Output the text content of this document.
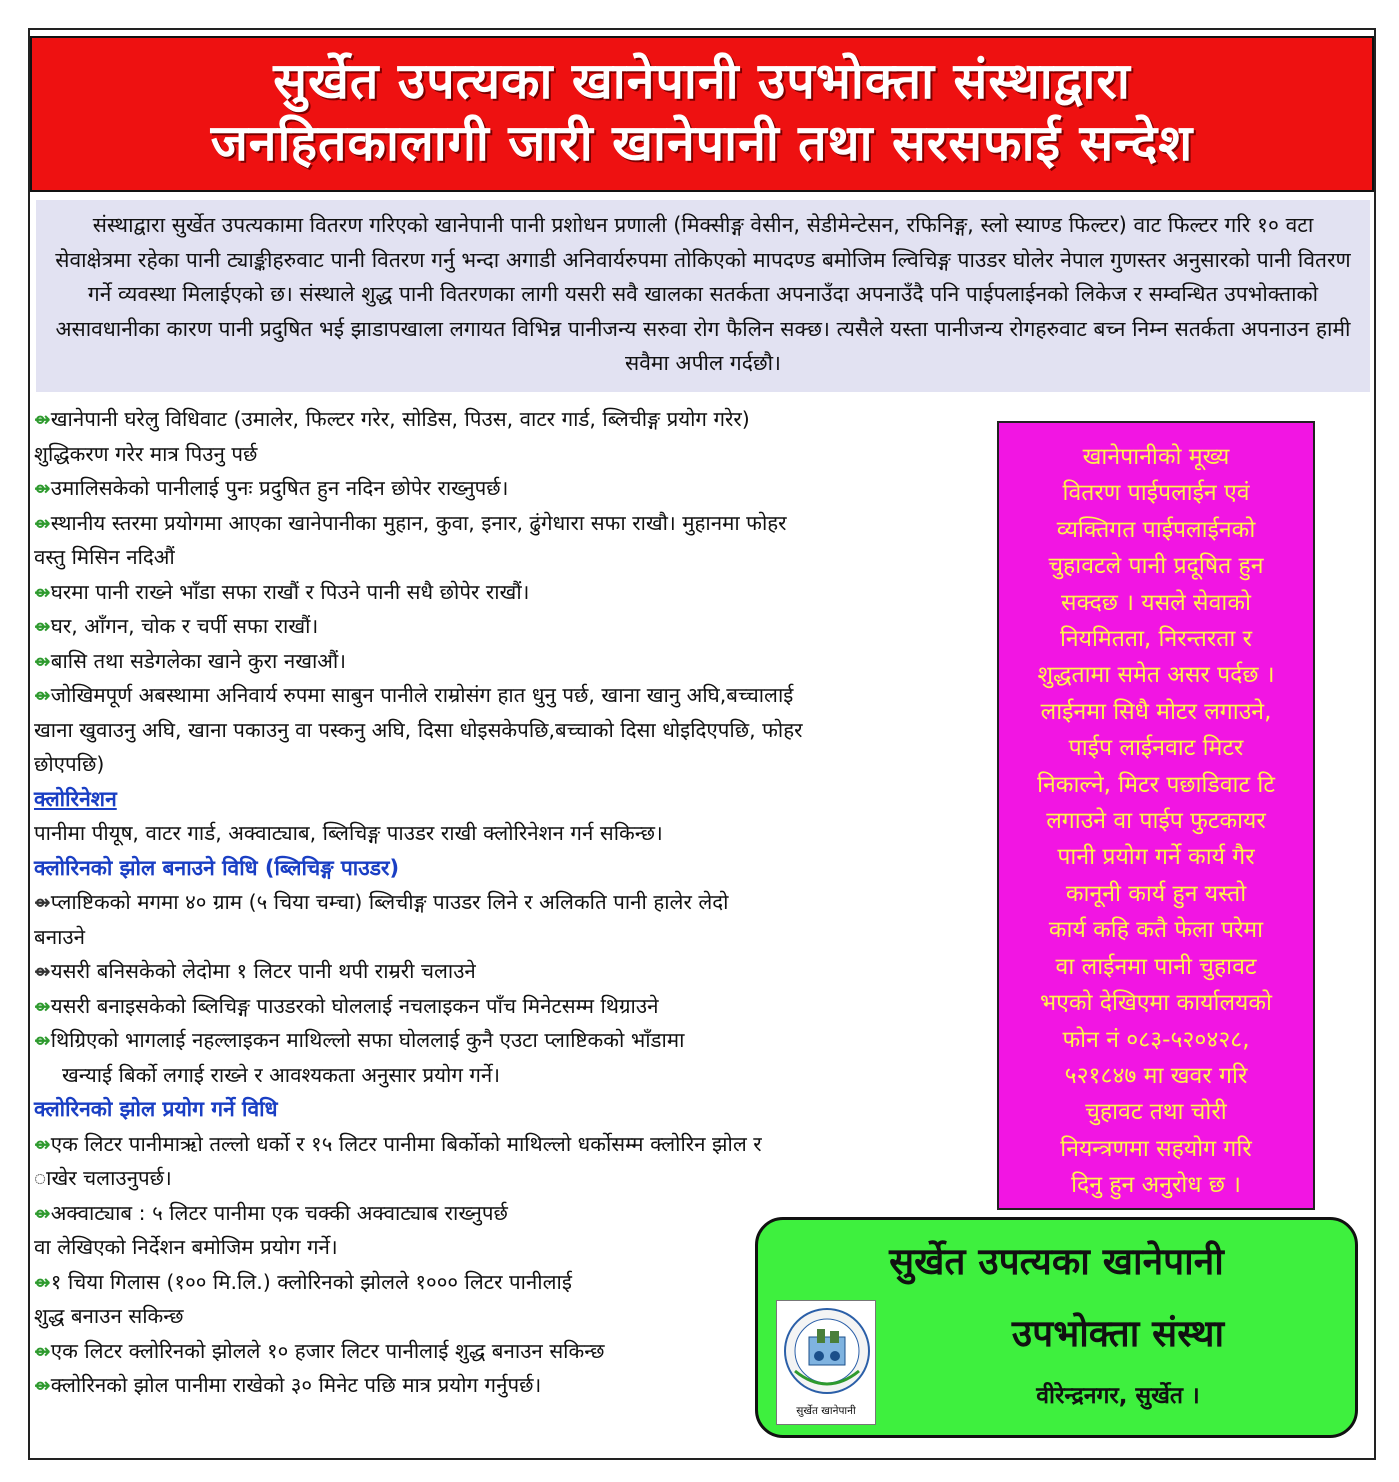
सुर्खेत उपत्यका खानेपानी उपभोक्ता संस्थाद्वारा
जनहितकालागी जारी खानेपानी तथा सरसफाई सन्देश

संस्थाद्वारा सुर्खेत उपत्यकामा वितरण गरिएको खानेपानी पानी प्रशोधन प्रणाली (मिक्सीङ्ग वेसीन, सेडीमेन्टेसन, रफिनिङ्ग, स्लो स्याण्ड फिल्टर) वाट फिल्टर गरि १० वटा सेवाक्षेत्रमा रहेका पानी ट्याङ्कीहरुवाट पानी वितरण गर्नु भन्दा अगाडी अनिवार्यरुपमा तोकिएको मापदण्ड बमोजिम ल्विचिङ्ग पाउडर घोलेर नेपाल गुणस्तर अनुसारको पानी वितरण गर्ने व्यवस्था मिलाईएको छ। संस्थाले शुद्ध पानी वितरणका लागी यसरी सवै खालका सतर्कता अपनाउँदा अपनाउँदै पनि पाईपलाईनको लिकेज र सम्वन्धित उपभोक्ताको असावधानीका कारण पानी प्रदुषित भई झाडापखाला लगायत विभिन्न पानीजन्य सरुवा रोग फैलिन सक्छ। त्यसैले यस्ता पानीजन्य रोगहरुवाट बच्न निम्न सतर्कता अपनाउन हामी सवैमा अपील गर्दछौ।

⇴खानेपानी घरेलु विधिवाट (उमालेर, फिल्टर गरेर, सोडिस, पिउस, वाटर गार्ड, ब्लिचीङ्ग प्रयोग गरेर)
शुद्धिकरण गरेर मात्र पिउनु पर्छ
⇴उमालिसकेको पानीलाई पुनः प्रदुषित हुन नदिन छोपेर राख्नुपर्छ।
⇴स्थानीय स्तरमा प्रयोगमा आएका खानेपानीका मुहान, कुवा, इनार, ढुंगेधारा सफा राखौ। मुहानमा फोहर
वस्तु मिसिन नदिऔं
⇴घरमा पानी राख्ने भाँडा सफा राखौं र पिउने पानी सधै छोपेर राखौं।
⇴घर, आँगन, चोक र चर्पी सफा राखौं।
⇴बासि तथा सडेगलेका खाने कुरा नखाऔं।
⇴जोखिमपूर्ण अबस्थामा अनिवार्य रुपमा साबुन पानीले राम्रोसंग हात धुनु पर्छ, खाना खानु अघि,बच्चालाई
खाना खुवाउनु अघि, खाना पकाउनु वा पस्कनु अघि, दिसा धोइसकेपछि,बच्चाको दिसा धोइदिएपछि, फोहर
छोएपछि)
क्लोरिनेशन
पानीमा पीयूष, वाटर गार्ड, अक्वाट्याब, ब्लिचिङ्ग पाउडर राखी क्लोरिनेशन गर्न सकिन्छ।
क्लोरिनको झोल बनाउने विधि (ब्लिचिङ्ग पाउडर)
⇴प्लाष्टिकको मगमा ४० ग्राम (५ चिया चम्चा) ब्लिचीङ्ग पाउडर लिने र अलिकति पानी हालेर लेदो
बनाउने
⇴यसरी बनिसकेको लेदोमा १ लिटर पानी थपी राम्ररी चलाउने
⇴यसरी बनाइसकेको ब्लिचिङ्ग पाउडरको घोललाई नचलाइकन पाँच मिनेटसम्म थिग्राउने
⇴थिग्रिएको भागलाई नहल्लाइकन माथिल्लो सफा घोललाई कुनै एउटा प्लाष्टिकको भाँडामा
खन्याई बिर्को लगाई राख्ने र आवश्यकता अनुसार प्रयोग गर्ने।
क्लोरिनको झोल प्रयोग गर्ने विधि
⇴एक लिटर पानीमाऋो तल्लो धर्को र १५ लिटर पानीमा बिर्कोको माथिल्लो धर्कोसम्म क्लोरिन झोल र
ाखेर चलाउनुपर्छ।
⇴अक्वाट्याब : ५ लिटर पानीमा एक चक्की अक्वाट्याब राख्नुपर्छ
वा लेखिएको निर्देशन बमोजिम प्रयोग गर्ने।
⇴१ चिया गिलास (१०० मि.लि.) क्लोरिनको झोलले १००० लिटर पानीलाई
शुद्ध बनाउन सकिन्छ
⇴एक लिटर क्लोरिनको झोलले १० हजार लिटर पानीलाई शुद्ध बनाउन सकिन्छ
⇴क्लोरिनको झोल पानीमा राखेको ३० मिनेट पछि मात्र प्रयोग गर्नुपर्छ।
खानेपानीको मूख्य
वितरण पाईपलाईन एवं
व्यक्तिगत पाईपलाईनको
चुहावटले पानी प्रदूषित हुन
सक्दछ । यसले सेवाको
नियमितता, निरन्तरता र
शुद्धतामा समेत असर पर्दछ ।
लाईनमा सिधै मोटर लगाउने,
पाईप लाईनवाट मिटर
निकाल्ने, मिटर पछाडिवाट टि
लगाउने वा पाईप फुटकायर
पानी प्रयोग गर्ने कार्य गैर
कानूनी कार्य हुन यस्तो
कार्य कहि कतै फेला परेमा
वा लाईनमा पानी चुहावट
भएको देखिएमा कार्यालयको
फोन नं ०८३-५२०४२८,
५२१८४७ मा खवर गरि
चुहावट तथा चोरी
नियन्त्रणमा सहयोग गरि
दिनु हुन अनुरोध छ ।
सुर्खेत उपत्यका खानेपानी
सुर्खेत खानेपानी
उपभोक्ता संस्था
वीरेन्द्रनगर, सुर्खेत ।
